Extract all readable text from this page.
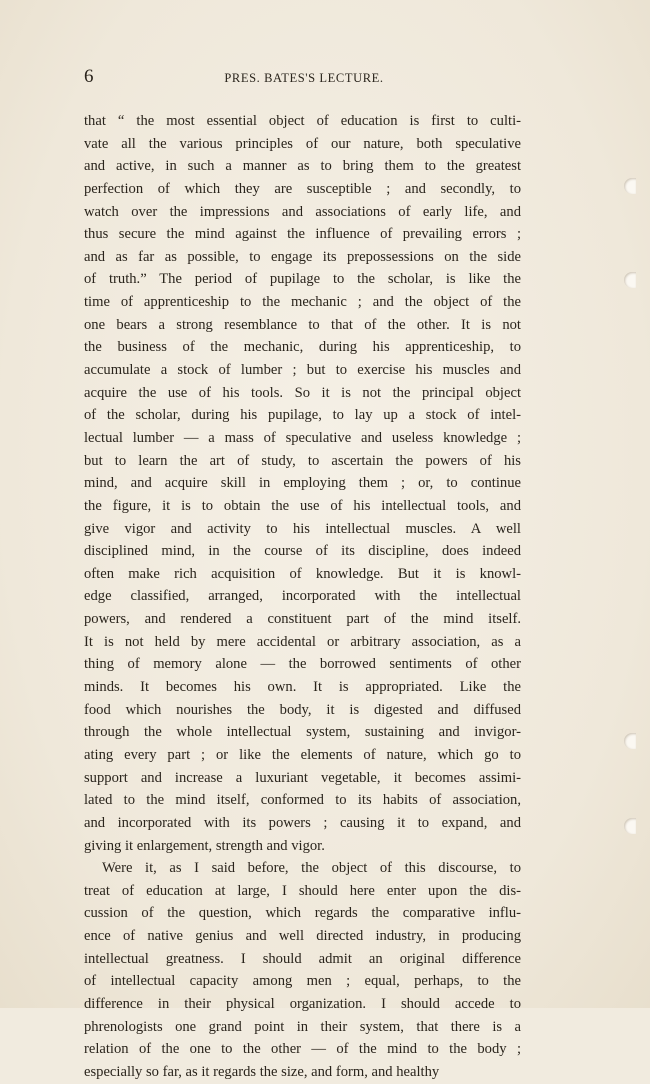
6	PRES. BATES'S LECTURE.
that “ the most essential object of education is first to culti-
vate all the various principles of our nature, both speculative
and active, in such a manner as to bring them to the greatest
perfection of which they are susceptible ; and secondly, to
watch over the impressions and associations of early life, and
thus secure the mind against the influence of prevailing errors ;
and as far as possible, to engage its prepossessions on the side
of truth.” The period of pupilage to the scholar, is like the
time of apprenticeship to the mechanic ; and the object of the
one bears a strong resemblance to that of the other. It is not
the business of the mechanic, during his apprenticeship, to
accumulate a stock of lumber ; but to exercise his muscles and
acquire the use of his tools. So it is not the principal object
of the scholar, during his pupilage, to lay up a stock of intel-
lectual lumber — a mass of speculative and useless knowledge ;
but to learn the art of study, to ascertain the powers of his
mind, and acquire skill in employing them ; or, to continue
the figure, it is to obtain the use of his intellectual tools, and
give vigor and activity to his intellectual muscles. A well
disciplined mind, in the course of its discipline, does indeed
often make rich acquisition of knowledge. But it is knowl-
edge classified, arranged, incorporated with the intellectual
powers, and rendered a constituent part of the mind itself.
It is not held by mere accidental or arbitrary association, as a
thing of memory alone — the borrowed sentiments of other
minds. It becomes his own. It is appropriated. Like the
food which nourishes the body, it is digested and diffused
through the whole intellectual system, sustaining and invigor-
ating every part ; or like the elements of nature, which go to
support and increase a luxuriant vegetable, it becomes assimi-
lated to the mind itself, conformed to its habits of association,
and incorporated with its powers ; causing it to expand, and
giving it enlargement, strength and vigor.
Were it, as I said before, the object of this discourse, to
treat of education at large, I should here enter upon the dis-
cussion of the question, which regards the comparative influ-
ence of native genius and well directed industry, in producing
intellectual greatness. I should admit an original difference
of intellectual capacity among men ; equal, perhaps, to the
difference in their physical organization. I should accede to
phrenologists one grand point in their system, that there is a
relation of the one to the other — of the mind to the body ;
especially so far, as it regards the size, and form, and healthy
